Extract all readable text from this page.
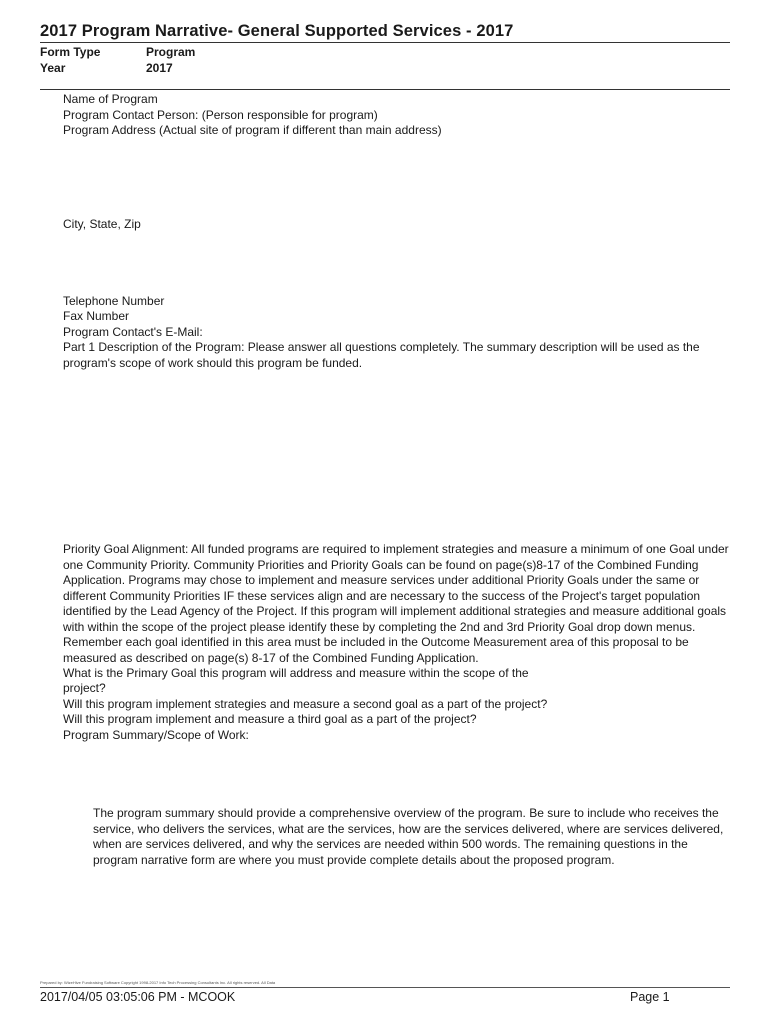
2017 Program Narrative- General Supported Services - 2017
Form Type	Program
Year	2017
Name of Program
Program Contact Person: (Person responsible for program)
Program Address (Actual site of program if different than main address)
City, State, Zip
Telephone Number
Fax Number
Program Contact's E-Mail:
Part 1 Description of the Program: Please answer all questions completely. The summary description will be used as the program's scope of work should this program be funded.
Priority Goal Alignment: All funded programs are required to implement strategies and measure a minimum of one Goal under one Community Priority. Community Priorities and Priority Goals can be found on page(s)8-17 of the Combined Funding Application. Programs may chose to implement and measure services under additional Priority Goals under the same or different Community Priorities IF these services align and are necessary to the success of the Project's target population identified by the Lead Agency of the Project. If this program will implement additional strategies and measure additional goals with within the scope of the project please identify these by completing the 2nd and 3rd Priority Goal drop down menus. Remember each goal identified in this area must be included in the Outcome Measurement area of this proposal to be measured as described on page(s) 8-17 of the Combined Funding Application.
What is the Primary Goal this program will address and measure within the scope of the
project?
Will this program implement strategies and measure a second goal as a part of the project?
Will this program implement and measure a third goal as a part of the project?
Program Summary/Scope of Work:
The program summary should provide a comprehensive overview of the program. Be sure to include who receives the service, who delivers the services, what are the services, how are the services delivered, where are services delivered, when are services delivered, and why the services are needed within 500 words. The remaining questions in the program narrative form are where you must provide complete details about the proposed program.
Prepared by: WizeHive Fundraising Software Copyright 1998-2017 Info Tech Processing Consultants Inc. All rights reserved. All Data
2017/04/05 03:05:06 PM - MCOOK	Page 1
